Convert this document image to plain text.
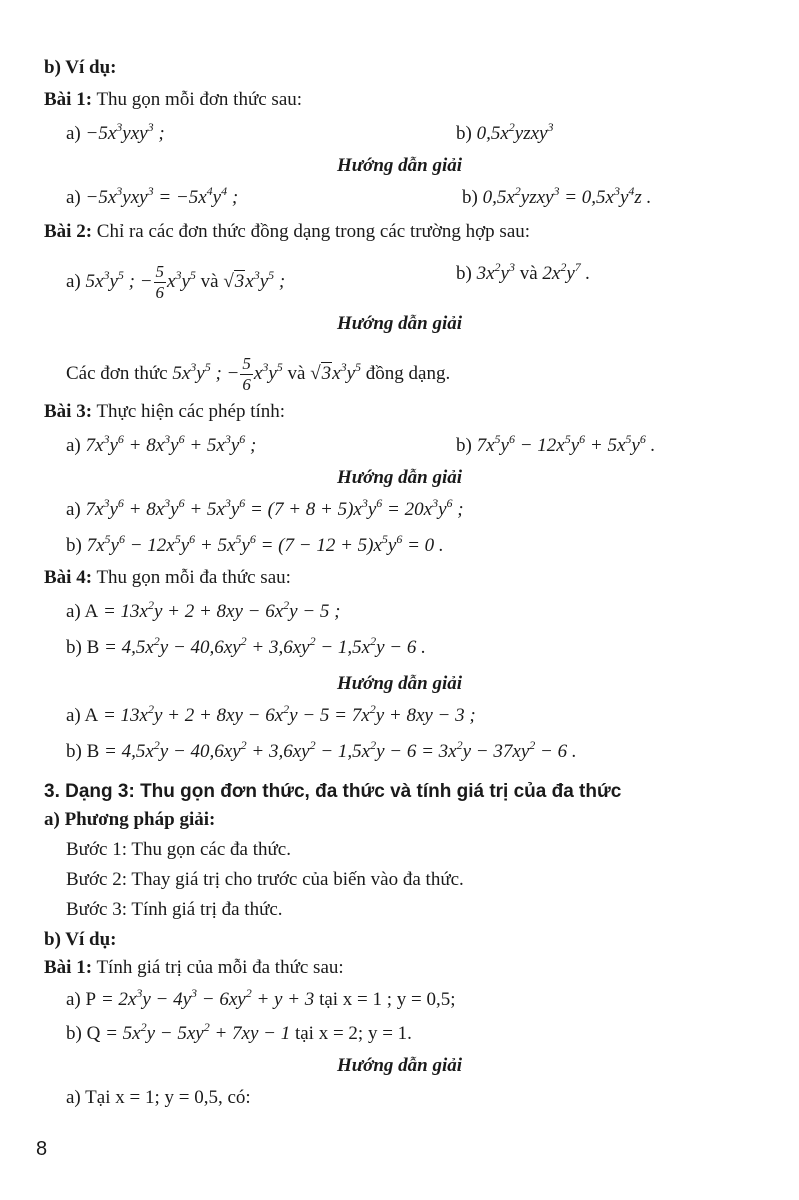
b) Ví dụ:
Bài 1: Thu gọn mỗi đơn thức sau:
$a) -5x^3yxy^3$ ;	b) $0,5x^2yzxy^3$
Hướng dẫn giải
$a) -5x^3yxy^3 = -5x^4y^4$ ;	b) $0,5x^2yzxy^3 = 0,5x^3y^4z$ .
Bài 2: Chỉ ra các đơn thức đồng dạng trong các trường hợp sau:
a) $5x^3y^5$ ; − $\frac{5}{6} x^3y^5$ và $√3x^3y^5$ ;	b) $3x^2y^3$ và $2x^2y^7$ .
Hướng dẫn giải
Các đơn thức $5x^3y^5$ ; − $\frac{5}{6} x^3y^5$ và $√3x^3y^5$ đồng dạng.
Bài 3: Thực hiện các phép tính:
a) $7x^3y^6 + 8x^3y^6 + 5x^3y^6$ ;	b) $7x^5y^6 - 12x^5y^6 + 5x^5y^6$ .
Hướng dẫn giải
a) $7x^3y^6 + 8x^3y^6 + 5x^3y^6 = (7 + 8 + 5)x^3y^6 = 20x^3y^6$ ;
b) $7x^5y^6 - 12x^5y^6 + 5x^5y^6 = (7 - 12 + 5)x^5y^6 = 0$ .
Bài 4: Thu gọn mỗi đa thức sau:
a) $A = 13x^2y + 2 + 8xy - 6x^2y - 5$ ;
b) $B = 4,5x^2y - 40,6xy^2 + 3,6xy^2 - 1,5x^2y - 6$ .
Hướng dẫn giải
a) $A = 13x^2y + 2 + 8xy - 6x^2y - 5 = 7x^2y + 8xy - 3$ ;
b) $B = 4,5x^2y - 40,6xy^2 + 3,6xy^2 - 1,5x^2y - 6 = 3x^2y - 37xy^2 - 6$ .
3. Dạng 3: Thu gọn đơn thức, đa thức và tính giá trị của đa thức
a) Phương pháp giải:
Bước 1: Thu gọn các đa thức.
Bước 2: Thay giá trị cho trước của biến vào đa thức.
Bước 3: Tính giá trị đa thức.
b) Ví dụ:
Bài 1: Tính giá trị của mỗi đa thức sau:
a) $P = 2x^3y - 4y^3 - 6xy^2 + y + 3$ tại x = 1 ; y = 0,5;
b) $Q = 5x^2y - 5xy^2 + 7xy - 1$ tại x = 2; y = 1.
Hướng dẫn giải
a) Tại x = 1; y = 0,5, có:
8
